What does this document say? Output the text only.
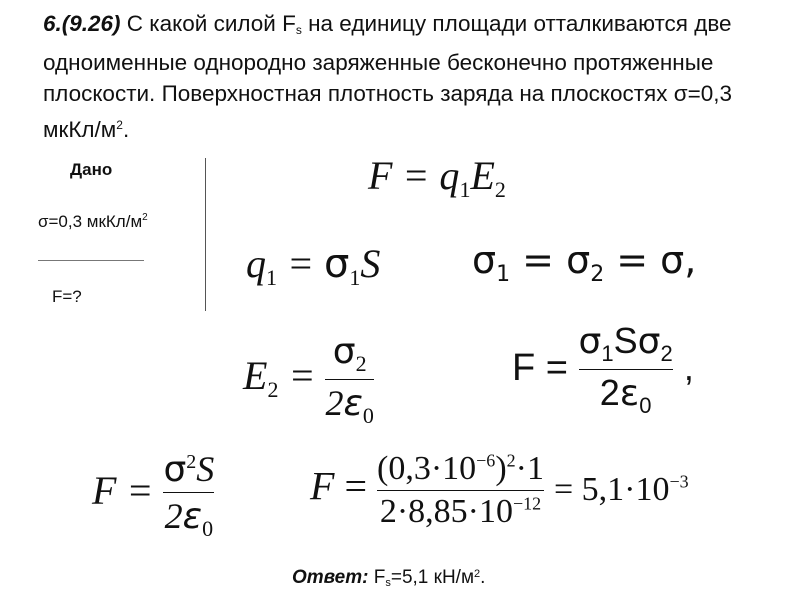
6.(9.26) С какой силой $F_s$ на единицу площади отталкиваются две одноименные однородно заряженные бесконечно протяженные плоскости. Поверхностная плотность заряда на плоскостях σ=0,3 мкКл/$м^2$.
Дано
σ=0,3 мкКл/$м^2$
F=?
$F = q_1E_2$
$q_1 = \sigma_1S$ $\sigma_1 = \sigma_2 = \sigma$,
$E_2 = \frac{\sigma_2}{2\varepsilon_0}$	$F = \frac{\sigma_1S\sigma_2}{2\varepsilon_0}$ ,
$F = \frac{\sigma^2S}{2\varepsilon_0}$ $F = \frac{(0,3\cdot 10^{-6})^2\cdot 1}{2\cdot 8,85\cdot 10^{-12}} = 5,1\cdot 10^{-3}$
Ответ: $F_s=5,1$ $кН/м^2$.
